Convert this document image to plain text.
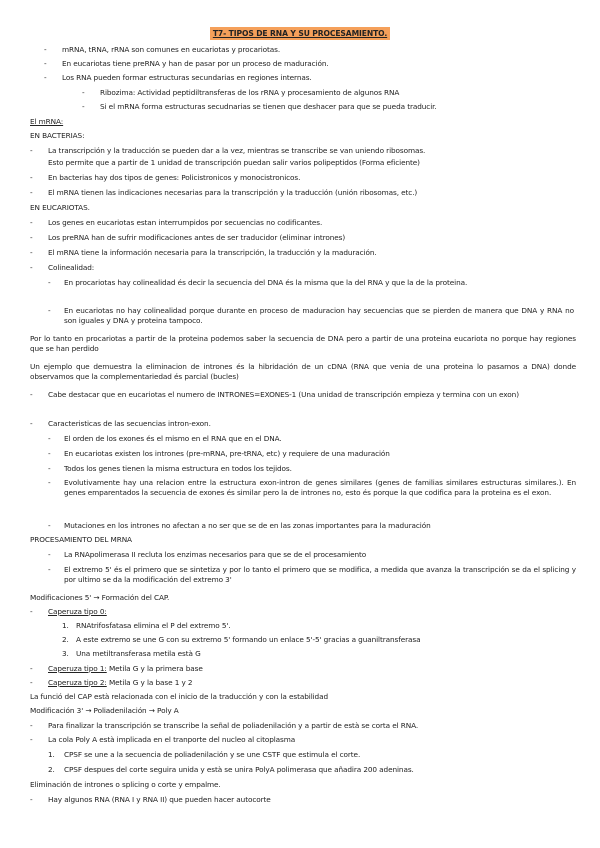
T7- TIPOS DE RNA Y SU PROCESAMIENTO.
- mRNA, tRNA, rRNA son comunes en eucariotas y procariotas.
- En eucariotas tiene preRNA y han de pasar por un proceso de maduración.
- Los RNA pueden formar estructuras secundarias en regiones internas.
- Ribozima: Actividad peptidiltransferas de los rRNA y procesamiento de algunos RNA
- Si el mRNA forma estructuras secudnarias se tienen que deshacer para que se pueda traducir.
El mRNA:
EN BACTERIAS:
- La transcripción y la traducción se pueden dar a la vez, mientras se transcribe se van uniendo ribosomas.
Esto permite que a partir de 1 unidad de transcripción puedan salir varios polipeptidos (Forma eficiente)
- En bacterias hay dos tipos de genes: Policistronicos y monocistronicos.
- El mRNA tienen las indicaciones necesarias para la transcripción y la traducción (unión ribosomas, etc.)
EN EUCARIOTAS.
- Los genes en eucariotas estan interrumpidos por secuencias no codificantes.
- Los preRNA han de sufrir modificaciones antes de ser traducidor (eliminar intrones)
- El mRNA tiene la información necesaria para la transcripción, la traducción y la maduración.
- Colinealidad:
- En procariotas hay colinealidad és decir la secuencia del DNA és la misma que la del RNA y que la de la proteina.
- En eucariotas no hay colinealidad porque durante en proceso de maduracion hay secuencias que se pierden de manera que DNA y RNA no son iguales y DNA y proteina tampoco.
Por lo tanto en procariotas a partir de la proteina podemos saber la secuencia de DNA pero a partir de una proteina eucariota no porque hay regiones que se han perdido
Un ejemplo que demuestra la eliminacion de intrones és la hibridación de un cDNA (RNA que venia de una proteina lo pasamos a DNA) donde observamos que la complementariedad és parcial (bucles)
- Cabe destacar que en eucariotas el numero de INTRONES=EXONES-1 (Una unidad de transcripción empieza y termina con un exon)
- Caracteristicas de las secuencias intron-exon.
- El orden de los exones és el mismo en el RNA que en el DNA.
- En eucariotas existen los intrones (pre-mRNA, pre-tRNA, etc) y requiere de una maduración
- Todos los genes tienen la misma estructura en todos los tejidos.
- Evolutivamente hay una relacion entre la estructura exon-intron de genes similares (genes de familias similares estructuras similares.). En genes emparentados la secuencia de exones és similar pero la de intrones no, esto és porque la que codifica para la proteina es el exon.
- Mutaciones en los intrones no afectan a no ser que se de en las zonas importantes para la maduración
PROCESAMIENTO DEL MRNA
- La RNApolimerasa II recluta los enzimas necesarios para que se de el procesamiento
- El extremo 5' és el primero que se sintetiza y por lo tanto el primero que se modifica, a medida que avanza la transcripción se da el splicing y por ultimo se da la modificación del extremo 3'
Modificaciones 5' → Formación del CAP.
- Caperuza tipo 0:
1. RNAtrifosfatasa elimina el P del extremo 5'.
2. A este extremo se une G con su extremo 5' formando un enlace 5'-5' gracias a guaniltransferasa
3. Una metiltransferasa metila està G
- Caperuza tipo 1: Metila G y la primera base
- Caperuza tipo 2: Metila G y la base 1 y 2
La funció del CAP està relacionada con el inicio de la traducción y con la estabilidad
Modificación 3' → Poliadenilación → Poly A
- Para finalizar la transcripción se transcribe la señal de poliadenilación y a partir de està se corta el RNA.
- La cola Poly A està implicada en el tranporte del nucleo al citoplasma
1. CPSF se une a la secuencia de poliadenilación y se une CSTF que estimula el corte.
2. CPSF despues del corte seguira unida y està se unira PolyA polimerasa que añadira 200 adeninas.
Eliminación de intrones o splicing o corte y empalme.
- Hay algunos RNA (RNA I y RNA II) que pueden hacer autocorte
